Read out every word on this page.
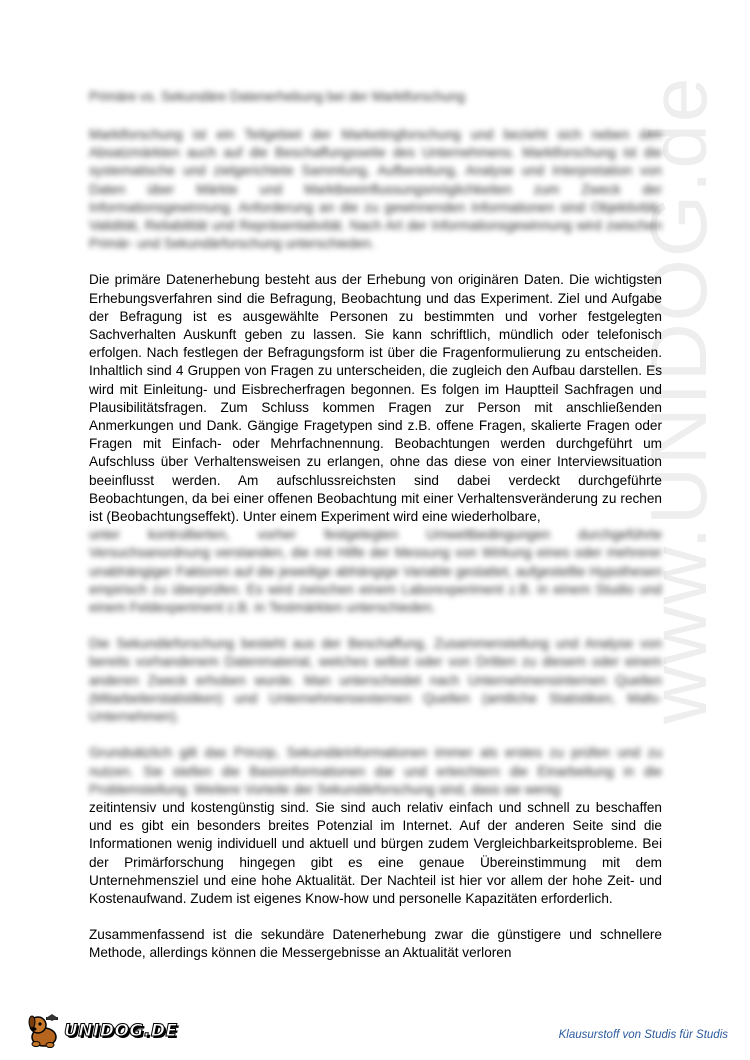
www.UNIDOG.de
Primäre vs. Sekundäre Datenerhebung bei der Marktforschung

Marktforschung ist ein Teilgebiet der Marketingforschung und bezieht sich neben den Absatzmärkten auch auf die Beschaffungsseite des Unternehmens. Marktforschung ist die systematische und zielgerichtete Sammlung, Aufbereitung, Analyse und Interpretation von Daten über Märkte und Marktbeeinflussungsmöglichkeiten zum Zweck der Informationsgewinnung. Anforderung an die zu gewinnenden Informationen sind Objektivität, Validität, Reliabilität und Repräsentativität. Nach Art der Informationsgewinnung wird zwischen Primär- und Sekundärforschung unterschieden.

Die primäre Datenerhebung besteht aus der Erhebung von originären Daten. Die wichtigsten Erhebungsverfahren sind die Befragung, Beobachtung und das Experiment. Ziel und Aufgabe der Befragung ist es ausgewählte Personen zu bestimmten und vorher festgelegten Sachverhalten Auskunft geben zu lassen. Sie kann schriftlich, mündlich oder telefonisch erfolgen. Nach festlegen der Befragungsform ist über die Fragenformulierung zu entscheiden. Inhaltlich sind 4 Gruppen von Fragen zu unterscheiden, die zugleich den Aufbau darstellen. Es wird mit Einleitung- und Eisbrecherfragen begonnen. Es folgen im Hauptteil Sachfragen und Plausibilitätsfragen. Zum Schluss kommen Fragen zur Person mit anschließenden Anmerkungen und Dank. Gängige Fragetypen sind z.B. offene Fragen, skalierte Fragen oder Fragen mit Einfach- oder Mehrfachnennung. Beobachtungen werden durchgeführt um Aufschluss über Verhaltensweisen zu erlangen, ohne das diese von einer Interviewsituation beeinflusst werden. Am aufschlussreichsten sind dabei verdeckt durchgeführte Beobachtungen, da bei einer offenen Beobachtung mit einer Verhaltensveränderung zu rechen ist (Beobachtungseffekt). Unter einem Experiment wird eine wiederholbare,

unter kontrollierten, vorher festgelegten Umweltbedingungen durchgeführte Versuchsanordnung verstanden, die mit Hilfe der Messung von Wirkung eines oder mehrerer unabhängiger Faktoren auf die jeweilige abhängige Variable gestattet, aufgestellte Hypothesen empirisch zu überprüfen. Es wird zwischen einem Laborexperiment z.B. in einem Studio und einem Feldexperiment z.B. in Testmärkten unterschieden.

Die Sekundärforschung besteht aus der Beschaffung, Zusammenstellung und Analyse von bereits vorhandenem Datenmaterial, welches selbst oder von Dritten zu diesem oder einem anderen Zweck erhoben wurde. Man unterscheidet nach Unternehmensinternen Quellen (Mitarbeiterstatistiken) und Unternehmensexternen Quellen (amtliche Statistiken, Mafo-Unternehmen).

Grundsätzlich gilt das Prinzip, Sekundärinformationen immer als erstes zu prüfen und zu nutzen. Sie stellen die Basisinformationen dar und erleichtern die Einarbeitung in die Problemstellung. Weitere Vorteile der Sekundärforschung sind, dass sie wenig

zeitintensiv und kostengünstig sind. Sie sind auch relativ einfach und schnell zu beschaffen und es gibt ein besonders breites Potenzial im Internet. Auf der anderen Seite sind die Informationen wenig individuell und aktuell und bürgen zudem Vergleichbarkeitsprobleme. Bei der Primärforschung hingegen gibt es eine genaue Übereinstimmung mit dem Unternehmensziel und eine hohe Aktualität. Der Nachteil ist hier vor allem der hohe Zeit- und Kostenaufwand. Zudem ist eigenes Know-how und personelle Kapazitäten erforderlich.

Zusammenfassend ist die sekundäre Datenerhebung zwar die günstigere und schnellere Methode, allerdings können die Messergebnisse an Aktualität verloren

UNIDOG.DE	Klausurstoff von Studis für Studis
